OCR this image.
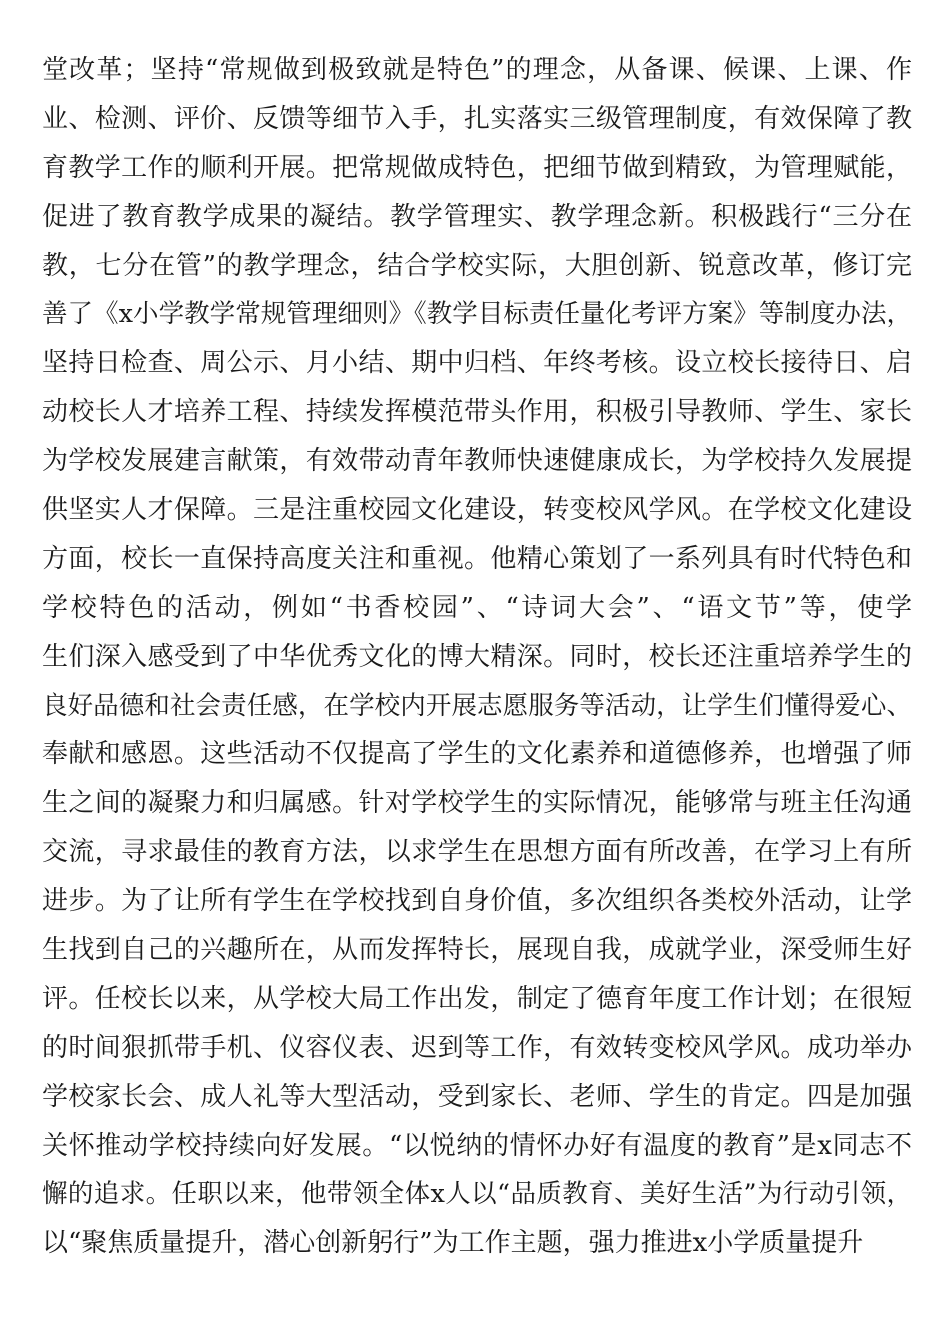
堂改革；坚持“常规做到极致就是特色”的理念，从备课、候课、上课、作
业、检测、评价、反馈等细节入手，扎实落实三级管理制度，有效保障了教
育教学工作的顺利开展。把常规做成特色，把细节做到精致，为管理赋能，
促进了教育教学成果的凝结。教学管理实、教学理念新。积极践行“三分在
教，七分在管”的教学理念，结合学校实际，大胆创新、锐意改革，修订完
善了《x小学教学常规管理细则》《教学目标责任量化考评方案》等制度办法，
坚持日检查、周公示、月小结、期中归档、年终考核。设立校长接待日、启
动校长人才培养工程、持续发挥模范带头作用，积极引导教师、学生、家长
为学校发展建言献策，有效带动青年教师快速健康成长，为学校持久发展提
供坚实人才保障。三是注重校园文化建设，转变校风学风。在学校文化建设
方面，校长一直保持高度关注和重视。他精心策划了一系列具有时代特色和
学校特色的活动，例如“书香校园”、“诗词大会”、“语文节”等，使学
生们深入感受到了中华优秀文化的博大精深。同时，校长还注重培养学生的
良好品德和社会责任感，在学校内开展志愿服务等活动，让学生们懂得爱心、
奉献和感恩。这些活动不仅提高了学生的文化素养和道德修养，也增强了师
生之间的凝聚力和归属感。针对学校学生的实际情况，能够常与班主任沟通
交流，寻求最佳的教育方法，以求学生在思想方面有所改善，在学习上有所
进步。为了让所有学生在学校找到自身价值，多次组织各类校外活动，让学
生找到自己的兴趣所在，从而发挥特长，展现自我，成就学业，深受师生好
评。任校长以来，从学校大局工作出发，制定了德育年度工作计划；在很短
的时间狠抓带手机、仪容仪表、迟到等工作，有效转变校风学风。成功举办
学校家长会、成人礼等大型活动，受到家长、老师、学生的肯定。四是加强
关怀推动学校持续向好发展。“以悦纳的情怀办好有温度的教育”是x同志不
懈的追求。任职以来，他带领全体x人以“品质教育、美好生活”为行动引领，
以“聚焦质量提升，潜心创新躬行”为工作主题，强力推进x小学质量提升
